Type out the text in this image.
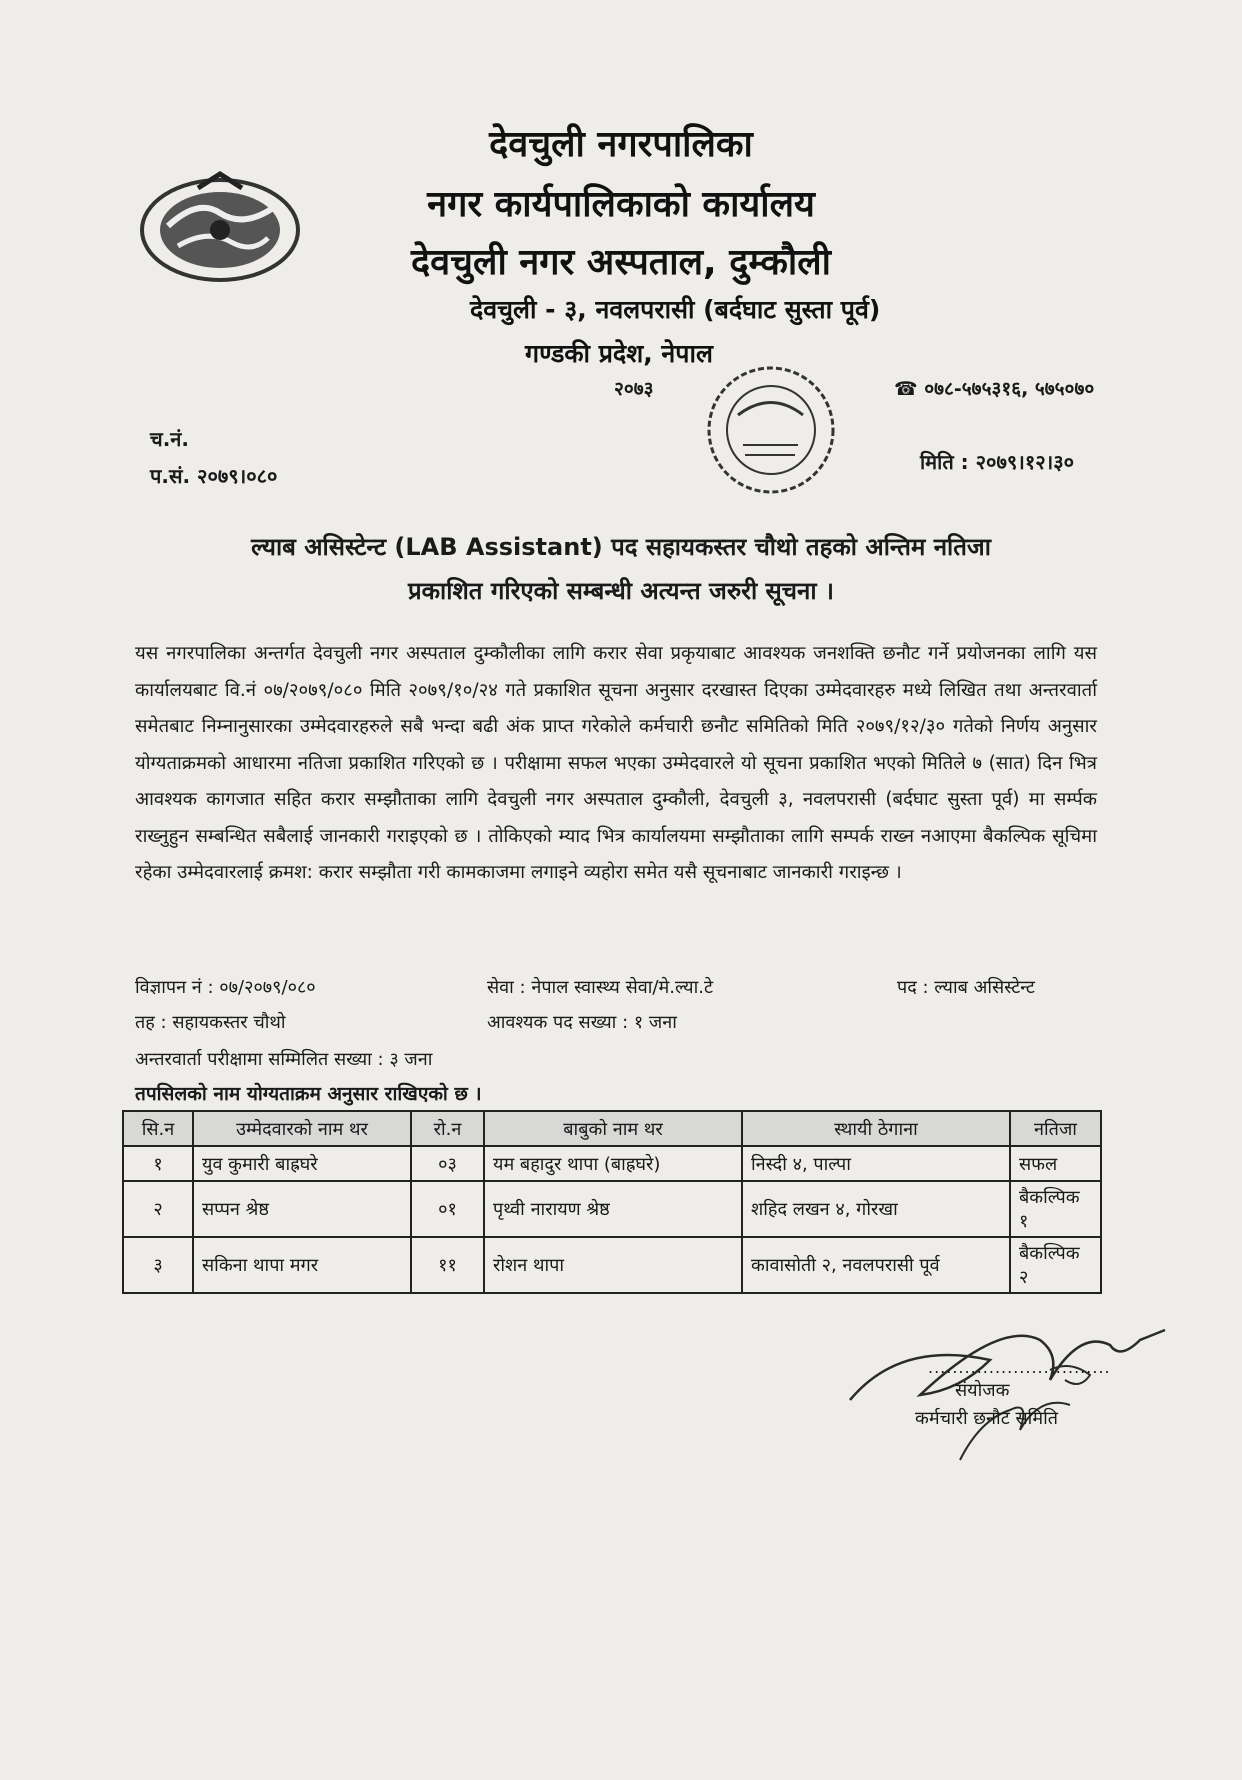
देवचुली नगरपालिका
नगर कार्यपालिकाको कार्यालय
देवचुली नगर अस्पताल, दुम्कौली
देवचुली - ३, नवलपरासी (बर्दघाट सुस्ता पूर्व)
गण्डकी प्रदेश, नेपाल
२०७३	☎ ०७८-५७५३१६, ५७५०७०
च.नं.
प.सं. २०७९।०८०
मिति : २०७९।१२।३०
ल्याब असिस्टेन्ट (LAB Assistant) पद सहायकस्तर चौथो तहको अन्तिम नतिजा
प्रकाशित गरिएको सम्बन्धी अत्यन्त जरुरी सूचना ।
यस नगरपालिका अन्तर्गत देवचुली नगर अस्पताल दुम्कौलीका लागि करार सेवा प्रकृयाबाट आवश्यक जनशक्ति छनौट गर्ने प्रयोजनका लागि यस कार्यालयबाट वि.नं ०७/२०७९/०८० मिति २०७९/१०/२४ गते प्रकाशित सूचना अनुसार दरखास्त दिएका उम्मेदवारहरु मध्ये लिखित तथा अन्तरवार्ता समेतबाट निम्नानुसारका उम्मेदवारहरुले सबै भन्दा बढी अंक प्राप्त गरेकोले कर्मचारी छनौट समितिको मिति २०७९/१२/३० गतेको निर्णय अनुसार योग्यताक्रमको आधारमा नतिजा प्रकाशित गरिएको छ । परीक्षामा सफल भएका उम्मेदवारले यो सूचना प्रकाशित भएको मितिले ७ (सात) दिन भित्र आवश्यक कागजात सहित करार सम्झौताका लागि देवचुली नगर अस्पताल दुम्कौली, देवचुली ३, नवलपरासी (बर्दघाट सुस्ता पूर्व) मा सर्म्पक राख्नुहुन सम्बन्धित सबैलाई जानकारी गराइएको छ । तोकिएको म्याद भित्र कार्यालयमा सम्झौताका लागि सम्पर्क राख्न नआएमा बैकल्पिक सूचिमा रहेका उम्मेदवारलाई क्रमश: करार सम्झौता गरी कामकाजमा लगाइने व्यहोरा समेत यसै सूचनाबाट जानकारी गराइन्छ ।
विज्ञापन नं : ०७/२०७९/०८०	सेवा : नेपाल स्वास्थ्य सेवा/मे.ल्या.टे	पद : ल्याब असिस्टेन्ट
तह : सहायकस्तर चौथो	आवश्यक पद सख्या : १ जना
अन्तरवार्ता परीक्षामा सम्मिलित सख्या : ३ जना
तपसिलको नाम योग्यताक्रम अनुसार राखिएको छ ।
सि.न	उम्मेदवारको नाम थर	रो.न	बाबुको नाम थर	स्थायी ठेगाना	नतिजा
१	युव कुमारी बाह्रघरे	०३	यम बहादुर थापा (बाह्रघरे)	निस्दी ४, पाल्पा	सफल
२	सप्पन श्रेष्ठ	०१	पृथ्वी नारायण श्रेष्ठ	शहिद लखन ४, गोरखा	बैकल्पिक १
३	सकिना थापा मगर	११	रोशन थापा	कावासोती २, नवलपरासी पूर्व	बैकल्पिक २
..............................
संयोजक
कर्मचारी छनौट समिति
